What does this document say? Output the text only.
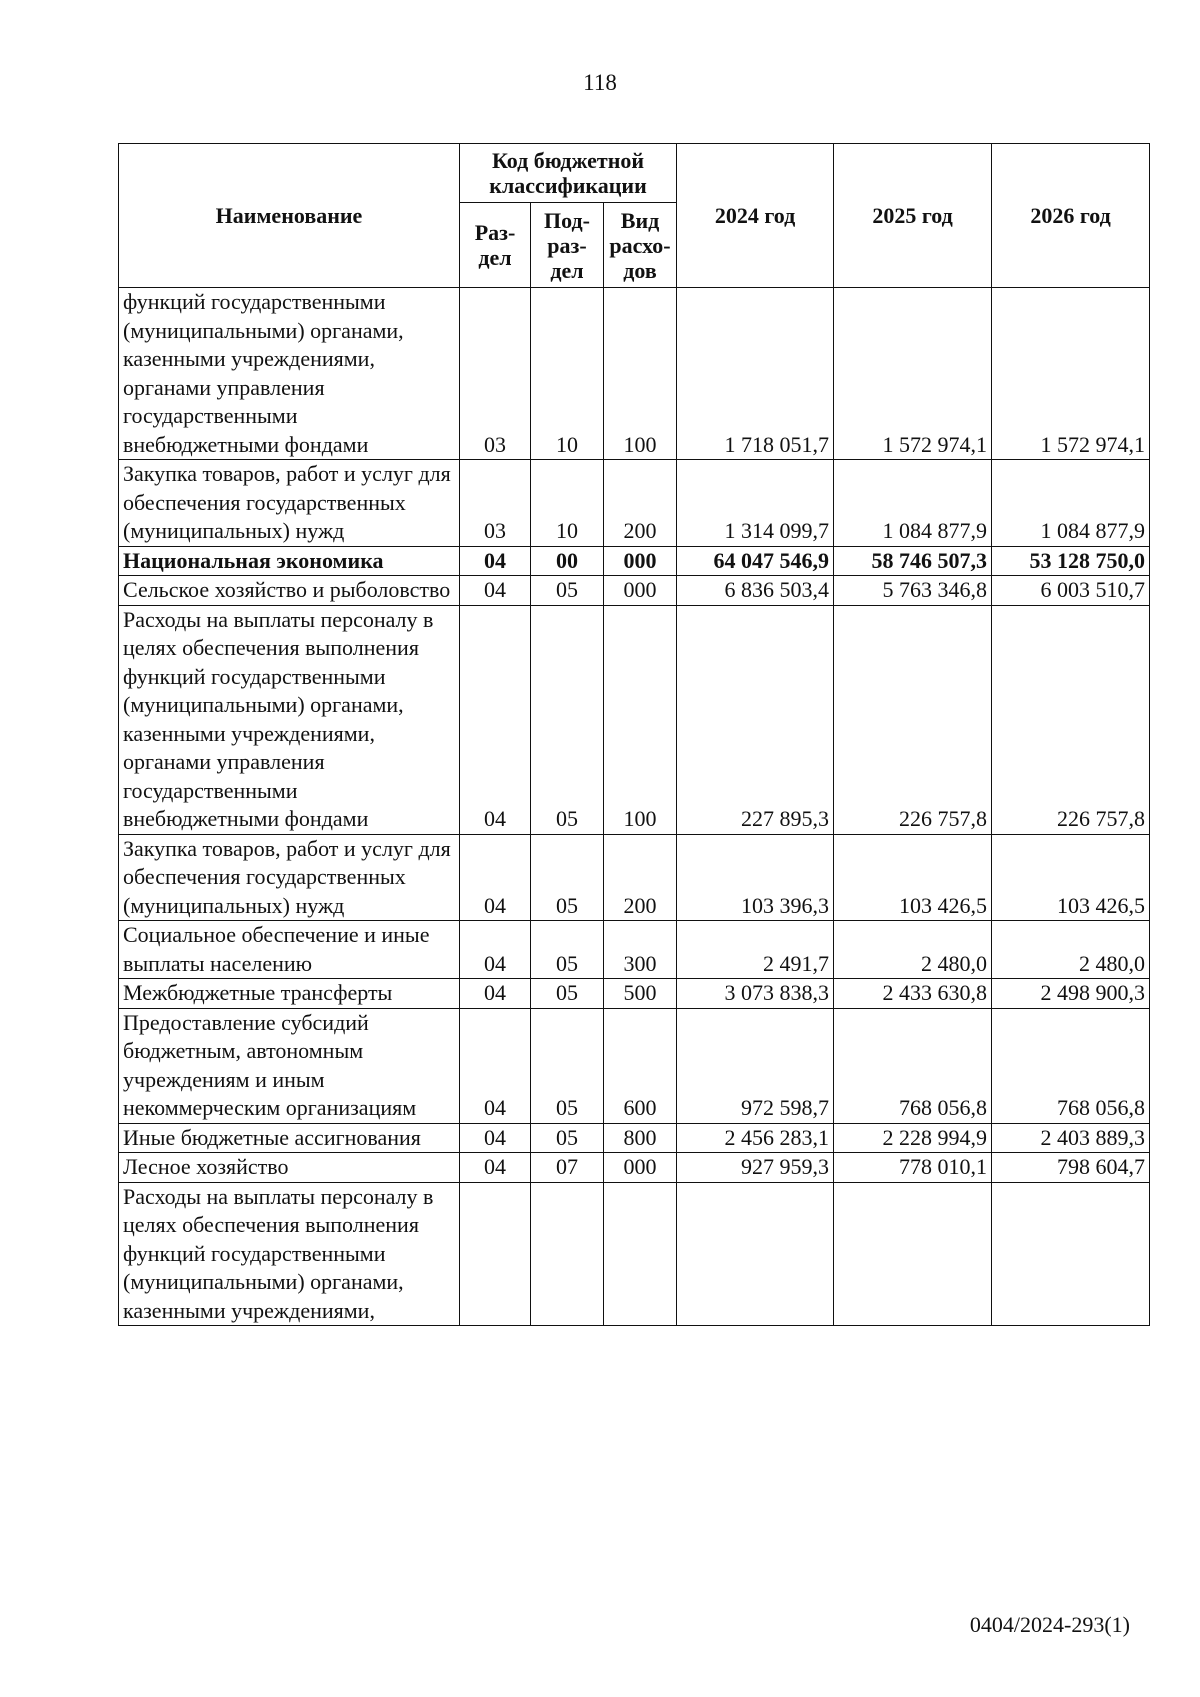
118
Наименование	Код бюджетной классификации			2024 год	2025 год	2026 год
	Раз-дел	Под-раз-дел	Вид расхо-дов			
функций государственными (муниципальными) органами, казенными учреждениями, органами управления государственными внебюджетными фондами	03	10	100	1 718 051,7	1 572 974,1	1 572 974,1
Закупка товаров, работ и услуг для обеспечения государственных (муниципальных) нужд	03	10	200	1 314 099,7	1 084 877,9	1 084 877,9
Национальная экономика	04	00	000	64 047 546,9	58 746 507,3	53 128 750,0
Сельское хозяйство и рыболовство	04	05	000	6 836 503,4	5 763 346,8	6 003 510,7
Расходы на выплаты персоналу в целях обеспечения выполнения функций государственными (муниципальными) органами, казенными учреждениями, органами управления государственными внебюджетными фондами	04	05	100	227 895,3	226 757,8	226 757,8
Закупка товаров, работ и услуг для обеспечения государственных (муниципальных) нужд	04	05	200	103 396,3	103 426,5	103 426,5
Социальное обеспечение и иные выплаты населению	04	05	300	2 491,7	2 480,0	2 480,0
Межбюджетные трансферты	04	05	500	3 073 838,3	2 433 630,8	2 498 900,3
Предоставление субсидий бюджетным, автономным учреждениям и иным некоммерческим организациям	04	05	600	972 598,7	768 056,8	768 056,8
Иные бюджетные ассигнования	04	05	800	2 456 283,1	2 228 994,9	2 403 889,3
Лесное хозяйство	04	07	000	927 959,3	778 010,1	798 604,7
Расходы на выплаты персоналу в целях обеспечения выполнения функций государственными (муниципальными) органами, казенными учреждениями,						
0404/2024-293(1)
